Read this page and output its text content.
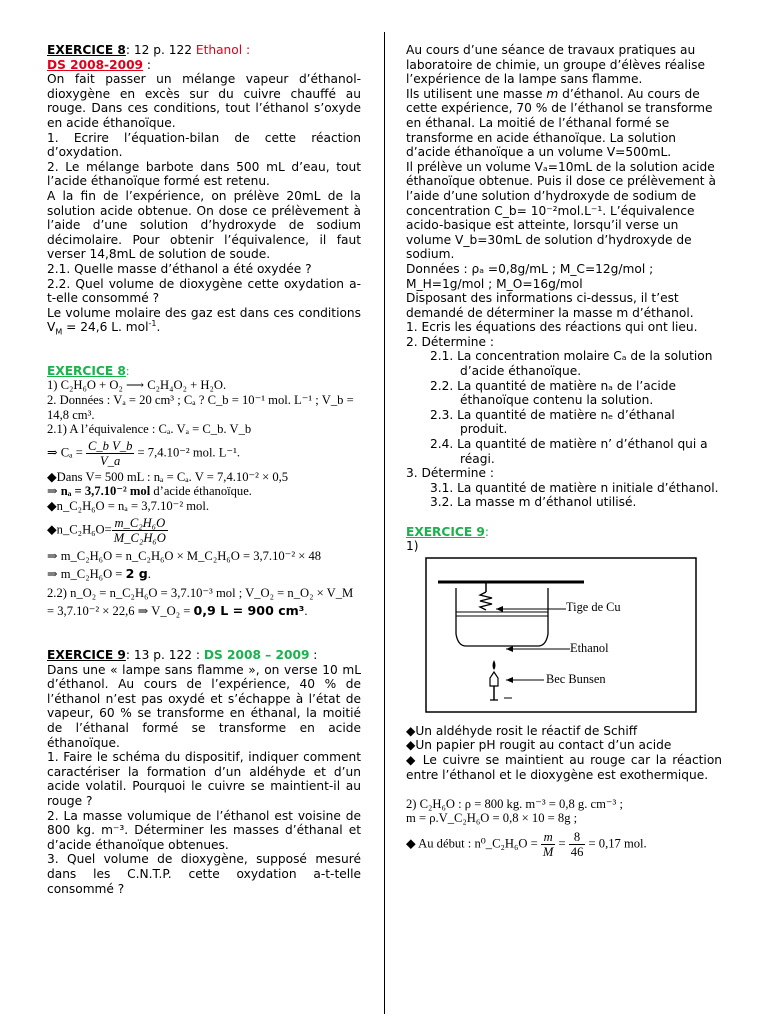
EXERCICE 8: 12 p. 122 Ethanol :
DS 2008-2009 :

On fait passer un mélange vapeur d’éthanol-dioxygène en excès sur du cuivre chauffé au rouge. Dans ces conditions, tout l’éthanol s’oxyde en acide éthanoïque.

1. Ecrire l’équation-bilan de cette réaction d’oxydation.

2. Le mélange barbote dans 500 mL d’eau, tout l’acide éthanoïque formé est retenu.

A la fin de l’expérience, on prélève 20mL de la solution acide obtenue. On dose ce prélèvement à l’aide d’une solution d’hydroxyde de sodium décimolaire. Pour obtenir l’équivalence, il faut verser 14,8mL de solution de soude.

2.1. Quelle masse d’éthanol a été oxydée ?

2.2. Quel volume de dioxygène cette oxydation a-t-elle consommé ?

Le volume molaire des gaz est dans ces conditions $V_M = 24,6$ L. mol$^{-1}$.

EXERCICE 8:

1) C₂H₆O + O₂ ⟶ C₂H₄O₂ + H₂O.

2. Données : Vₐ = 20 cm³ ; Cₐ ? C_b = 10⁻¹ mol. L⁻¹ ; V_b = 14,8 cm³.

2.1) A l’équivalence : Cₐ. Vₐ = C_b. V_b

⇒ $C_a = \frac{\text{C\_b V\_b}}{V\_a} = 7,4.10^{-2}$ mol. L⁻¹.

◆Dans V= 500 mL : nₐ = Cₐ. V = 7,4.10⁻² × 0,5

⇒ nₐ = 3,7.10⁻² mol d’acide éthanoïque.

◆n_C₂H₆O = nₐ = 3,7.10⁻² mol.

◆n_C₂H₆O= $\frac{\text{m\_C₂H₆O}}{\text{M\_C₂H₆O}}$

⇒ m_C₂H₆O = n_C₂H₆O × M_C₂H₆O = 3,7.10⁻² × 48

⇒ m_C₂H₆O = 2 g.

2.2) n_O₂ = n_C₂H₆O = 3,7.10⁻³ mol ; V_O₂ = n_O₂ × V_M

= 3,7.10⁻² × 22,6 ⇒ V_O₂ = 0,9 L = 900 cm³.

EXERCICE 9: 13 p. 122 : DS 2008 – 2009 :

Dans une « lampe sans flamme », on verse 10 mL d’éthanol. Au cours de l’expérience, 40 % de l’éthanol n’est pas oxydé et s’échappe à l’état de vapeur, 60 % se transforme en éthanal, la moitié de l’éthanal formé se transforme en acide éthanoïque.

1. Faire le schéma du dispositif, indiquer comment caractériser la formation d’un aldéhyde et d’un acide volatil. Pourquoi le cuivre se maintient-il au rouge ?

2. La masse volumique de l’éthanol est voisine de 800 kg. m⁻³. Déterminer les masses d’éthanal et d’acide éthanoïque obtenues.

3. Quel volume de dioxygène, supposé mesuré dans les C.N.T.P. cette oxydation a-t-telle consommé ?

Au cours d’une séance de travaux pratiques au laboratoire de chimie, un groupe d’élèves réalise l’expérience de la lampe sans flamme.

Ils utilisent une masse m d’éthanol. Au cours de cette expérience, 70 % de l’éthanol se transforme en éthanal. La moitié de l’éthanal formé se transforme en acide éthanoïque. La solution d’acide éthanoïque a un volume V=500mL.

Il prélève un volume Vₐ=10mL de la solution acide éthanoïque obtenue. Puis il dose ce prélèvement à l’aide d’une solution d’hydroxyde de sodium de concentration C_b= 10⁻²mol.L⁻¹. L’équivalence acido-basique est atteinte, lorsqu’il verse un volume V_b=30mL de solution d’hydroxyde de sodium.

Données : ρₐ =0,8g/mL ; M_C=12g/mol ; M_H=1g/mol ; M_O=16g/mol

Disposant des informations ci-dessus, il t’est demandé de déterminer la masse m d’éthanol.

1. Ecris les équations des réactions qui ont lieu.

2. Détermine :

2.1. La concentration molaire Cₐ de la solution d’acide éthanoïque.

2.2. La quantité de matière nₐ de l’acide éthanoïque contenu la solution.

2.3. La quantité de matière nₑ d’éthanal produit.

2.4. La quantité de matière n’ d’éthanol qui a réagi.

3. Détermine :

3.1. La quantité de matière n initiale d’éthanol.

3.2. La masse m d’éthanol utilisé.

EXERCICE 9:

1)

Tige de Cu
Ethanol
Bec Bunsen

◆Un aldéhyde rosit le réactif de Schiff

◆Un papier pH rougit au contact d’un acide

◆ Le cuivre se maintient au rouge car la réaction entre l’éthanol et le dioxygène est exothermique.

2) C₂H₆O : ρ = 800 kg. m⁻³ = 0,8 g. cm⁻³ ;

m = ρ.V_C₂H₆O = 0,8 × 10 = 8g ;

◆ Au début : n⁰_C₂H₆O = $\frac{m}{M} = \frac{8}{46} = 0,17$ mol.
